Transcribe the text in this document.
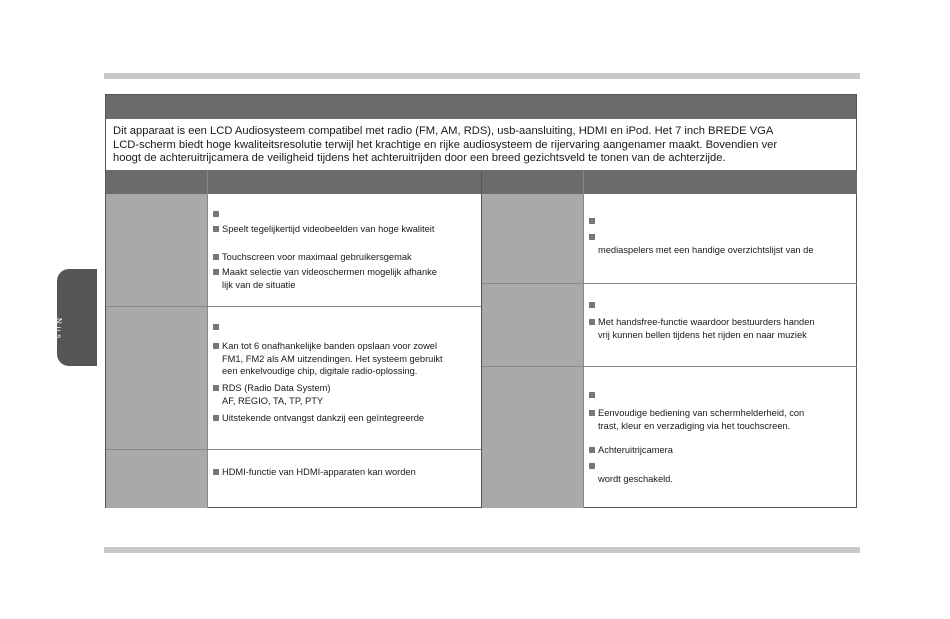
Nus
Dit apparaat is een LCD Audiosysteem compatibel met radio (FM, AM, RDS), usb-aansluiting, HDMI en iPod. Het 7 inch BREDE VGA
LCD-scherm biedt hoge kwaliteitsresolutie terwijl het krachtige en rijke audiosysteem de rijervaring aangenamer maakt. Bovendien ver
hoogt de achteruitrijcamera de veiligheid tijdens het achteruitrijden door een breed gezichtsveld te tonen van de achterzijde.
Speelt tegelijkertijd videobeelden van hoge kwaliteit
Touchscreen voor maximaal gebruikersgemak
Maakt selectie van videoschermen mogelijk afhanke
lijk van de situatie
Kan tot 6 onafhankelijke banden opslaan voor zowel
FM1, FM2 als AM uitzendingen. Het systeem gebruikt
een enkelvoudige chip, digitale radio-oplossing.
RDS (Radio Data System)
AF, REGIO, TA, TP, PTY
Uitstekende ontvangst dankzij een geïntegreerde
HDMI-functie van HDMI-apparaten kan worden
mediaspelers met een handige overzichtslijst van de
Met handsfree-functie waardoor bestuurders handen
vrij kunnen bellen tijdens het rijden en naar muziek
Eenvoudige bediening van schermhelderheid, con
trast, kleur en verzadiging via het touchscreen.
Achteruitrijcamera
wordt geschakeld.
